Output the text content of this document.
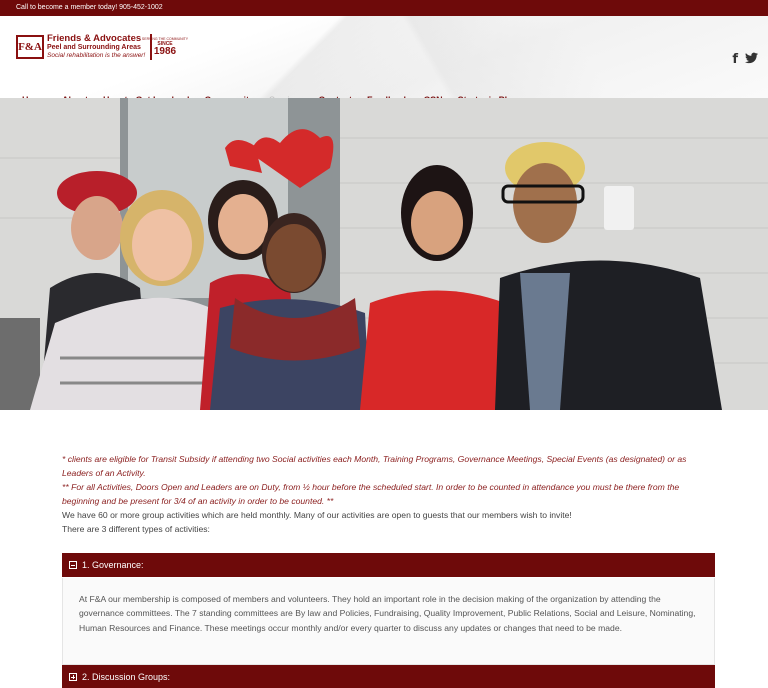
Call to become a member today! 905-452-1002
F&A
Friends & Advocates
Peel and Surrounding Areas
Social rehabilitation is the answer!
SERVING THE COMMUNITY
SINCE
1986
f

* clients are eligible for Transit Subsidy if attending two Social activities each Month, Training Programs, Governance Meetings, Special Events (as designated) or as Leaders of an Activity.

** For all Activities, Doors Open and Leaders are on Duty, from ½ hour before the scheduled start. In order to be counted in attendance you must be there from the beginning and be present for 3/4 of an activity in order to be counted. **

We have 60 or more group activities which are held monthly. Many of our activities are open to guests that our members wish to invite!

There are 3 different types of activities:

1. Governance:

At F&A our membership is composed of members and volunteers. They hold an important role in the decision making of the organization by attending the governance committees. The 7 standing committees are By law and Policies, Fundraising, Quality Improvement, Public Relations, Social and Leisure, Nominating, Human Resources and Finance. These meetings occur monthly and/or every quarter to discuss any updates or changes that need to be made.

2. Discussion Groups:
